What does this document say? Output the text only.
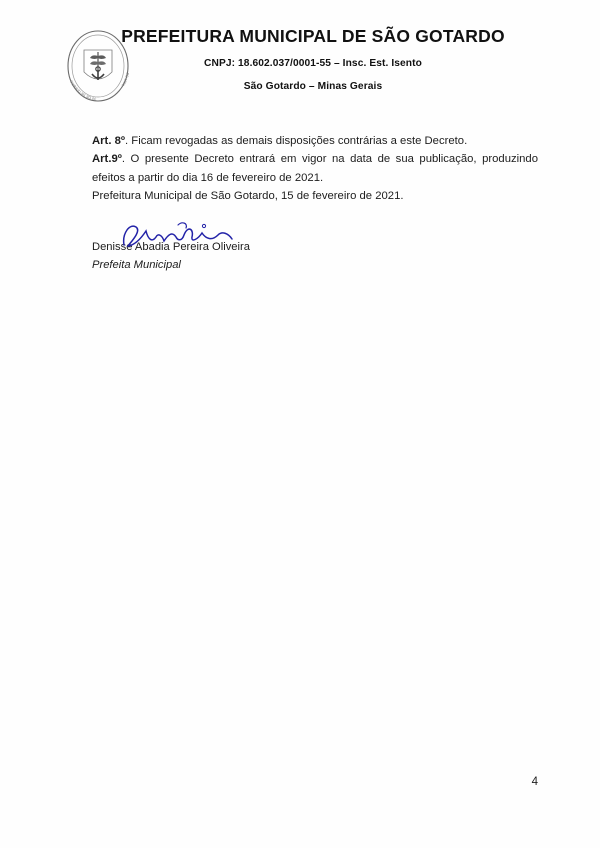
30 DE SETEMBRO
DE 1901
PREFEITURA MUNICIPAL DE SÃO GOTARDO
CNPJ: 18.602.037/0001-55 – Insc. Est. Isento
São Gotardo – Minas Gerais

Art. 8º. Ficam revogadas as demais disposições contrárias a este Decreto.

Art.9º. O presente Decreto entrará em vigor na data de sua publicação, produzindo efeitos a partir do dia 16 de fevereiro de 2021.

Prefeitura Municipal de São Gotardo, 15 de fevereiro de 2021.

Denisse Abadia Pereira Oliveira

Prefeita Municipal

4
